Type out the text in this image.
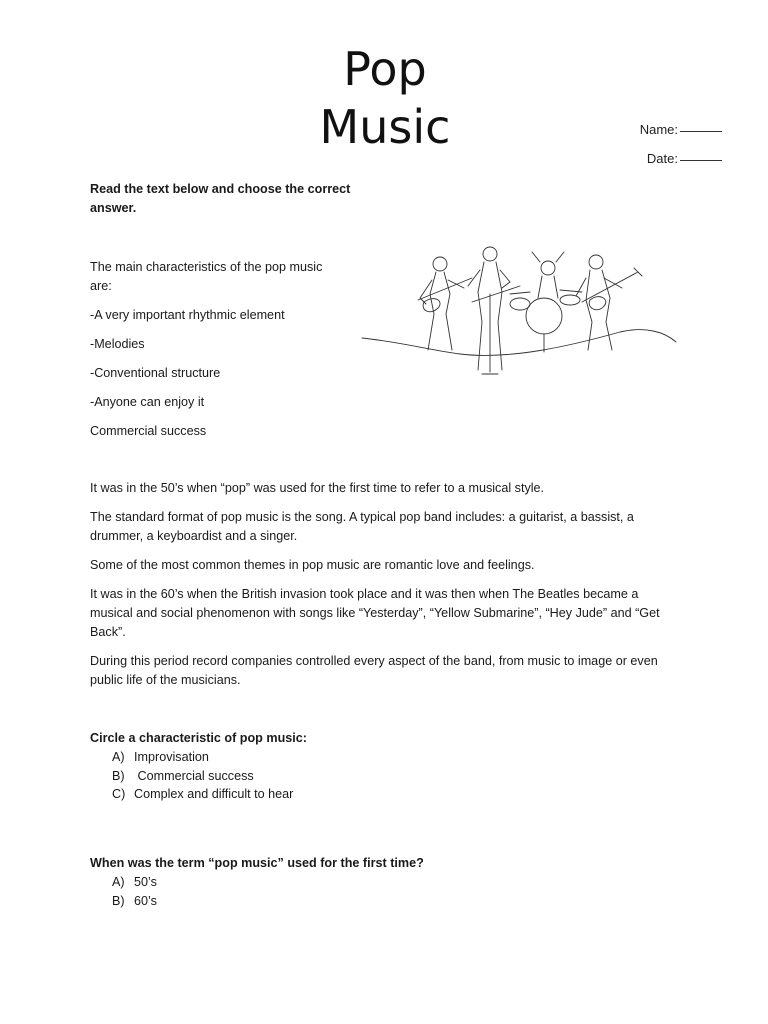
Pop Music	Name:
Date:

Read the text below and choose the correct answer.

The main characteristics of the pop music are:

-A very important rhythmic element

-Melodies

-Conventional structure

-Anyone can enjoy it

Commercial success

It was in the 50’s when “pop” was used for the first time to refer to a musical style.

The standard format of pop music is the song. A typical pop band includes: a guitarist, a bassist, a drummer, a keyboardist and a singer.

Some of the most common themes in pop music are romantic love and feelings.

It was in the 60’s when the British invasion took place and it was then when The Beatles became a musical and social phenomenon with songs like “Yesterday”, “Yellow Submarine”, “Hey Jude” and “Get Back”.

During this period record companies controlled every aspect of the band, from music to image or even public life of the musicians.

Circle a characteristic of pop music:

A) Improvisation
B) Commercial success
C) Complex and difficult to hear

When was the term “pop music” used for the first time?

A) 50’s
B) 60’s
